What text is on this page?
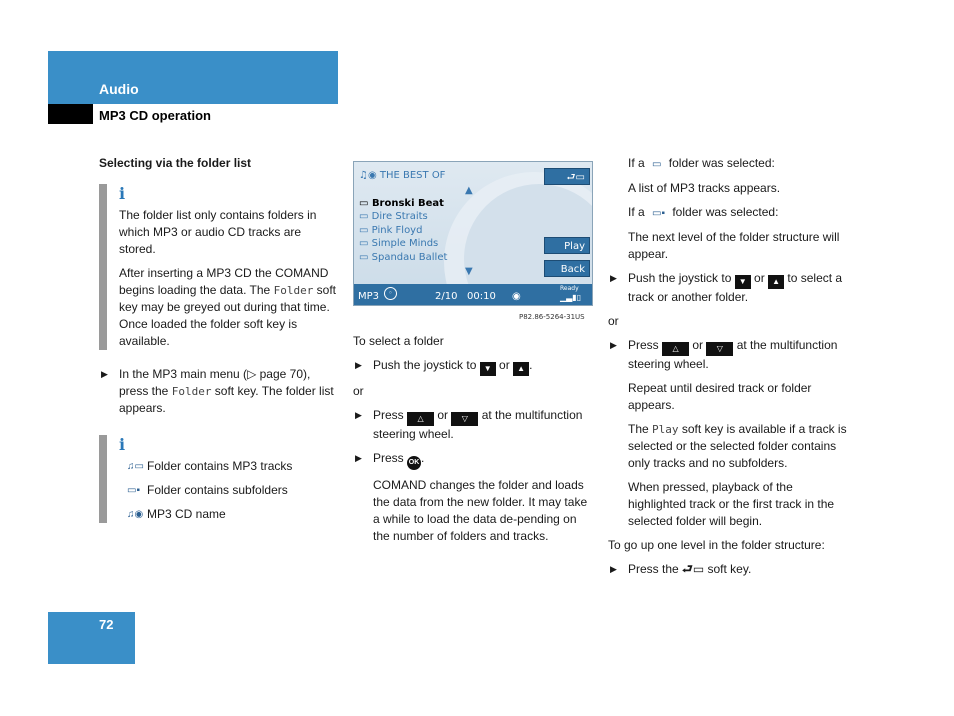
Audio
MP3 CD operation
Selecting via the folder list
i
The folder list only contains folders in which MP3 or audio CD tracks are stored.
After inserting a MP3 CD the COMAND begins loading the data. The Folder soft key may be greyed out during that time. Once loaded the folder soft key is available.
▶ In the MP3 main menu (▷ page 70), press the Folder soft key. The folder list appears.
i
♫▭ Folder contains MP3 tracks
▭▪ Folder contains subfolders
♫◉ MP3 CD name
♫◉ THE BEST OF
▲
▭ Bronski Beat
▭ Dire Straits
▭ Pink Floyd
▭ Simple Minds
▭ Spandau Ballet
▼
⮐▭
Play
Back
MP3	◦	2/10 00:10 ◉
Ready
▁▃▮▯
P82.86-5264-31US
To select a folder
▶ Push the joystick to ▼ or ▲ .
or
▶ Press △ or ▽ at the multifunction steering wheel.
▶ Press OK .
COMAND changes the folder and loads the data from the new folder. It may take a while to load the data de-pending on the number of folders and tracks.
If a ▭ folder was selected:
A list of MP3 tracks appears.
If a ▭▪ folder was selected:
The next level of the folder structure will appear.
▶ Push the joystick to ▼ or ▲ to select a track or another folder.
or
▶ Press △ or ▽ at the multifunction steering wheel.
Repeat until desired track or folder appears.
The Play soft key is available if a track is selected or the selected folder contains only tracks and no subfolders.
When pressed, playback of the highlighted track or the first track in the selected folder will begin.
To go up one level in the folder structure:
▶ Press the ⮐▭ soft key.
72
